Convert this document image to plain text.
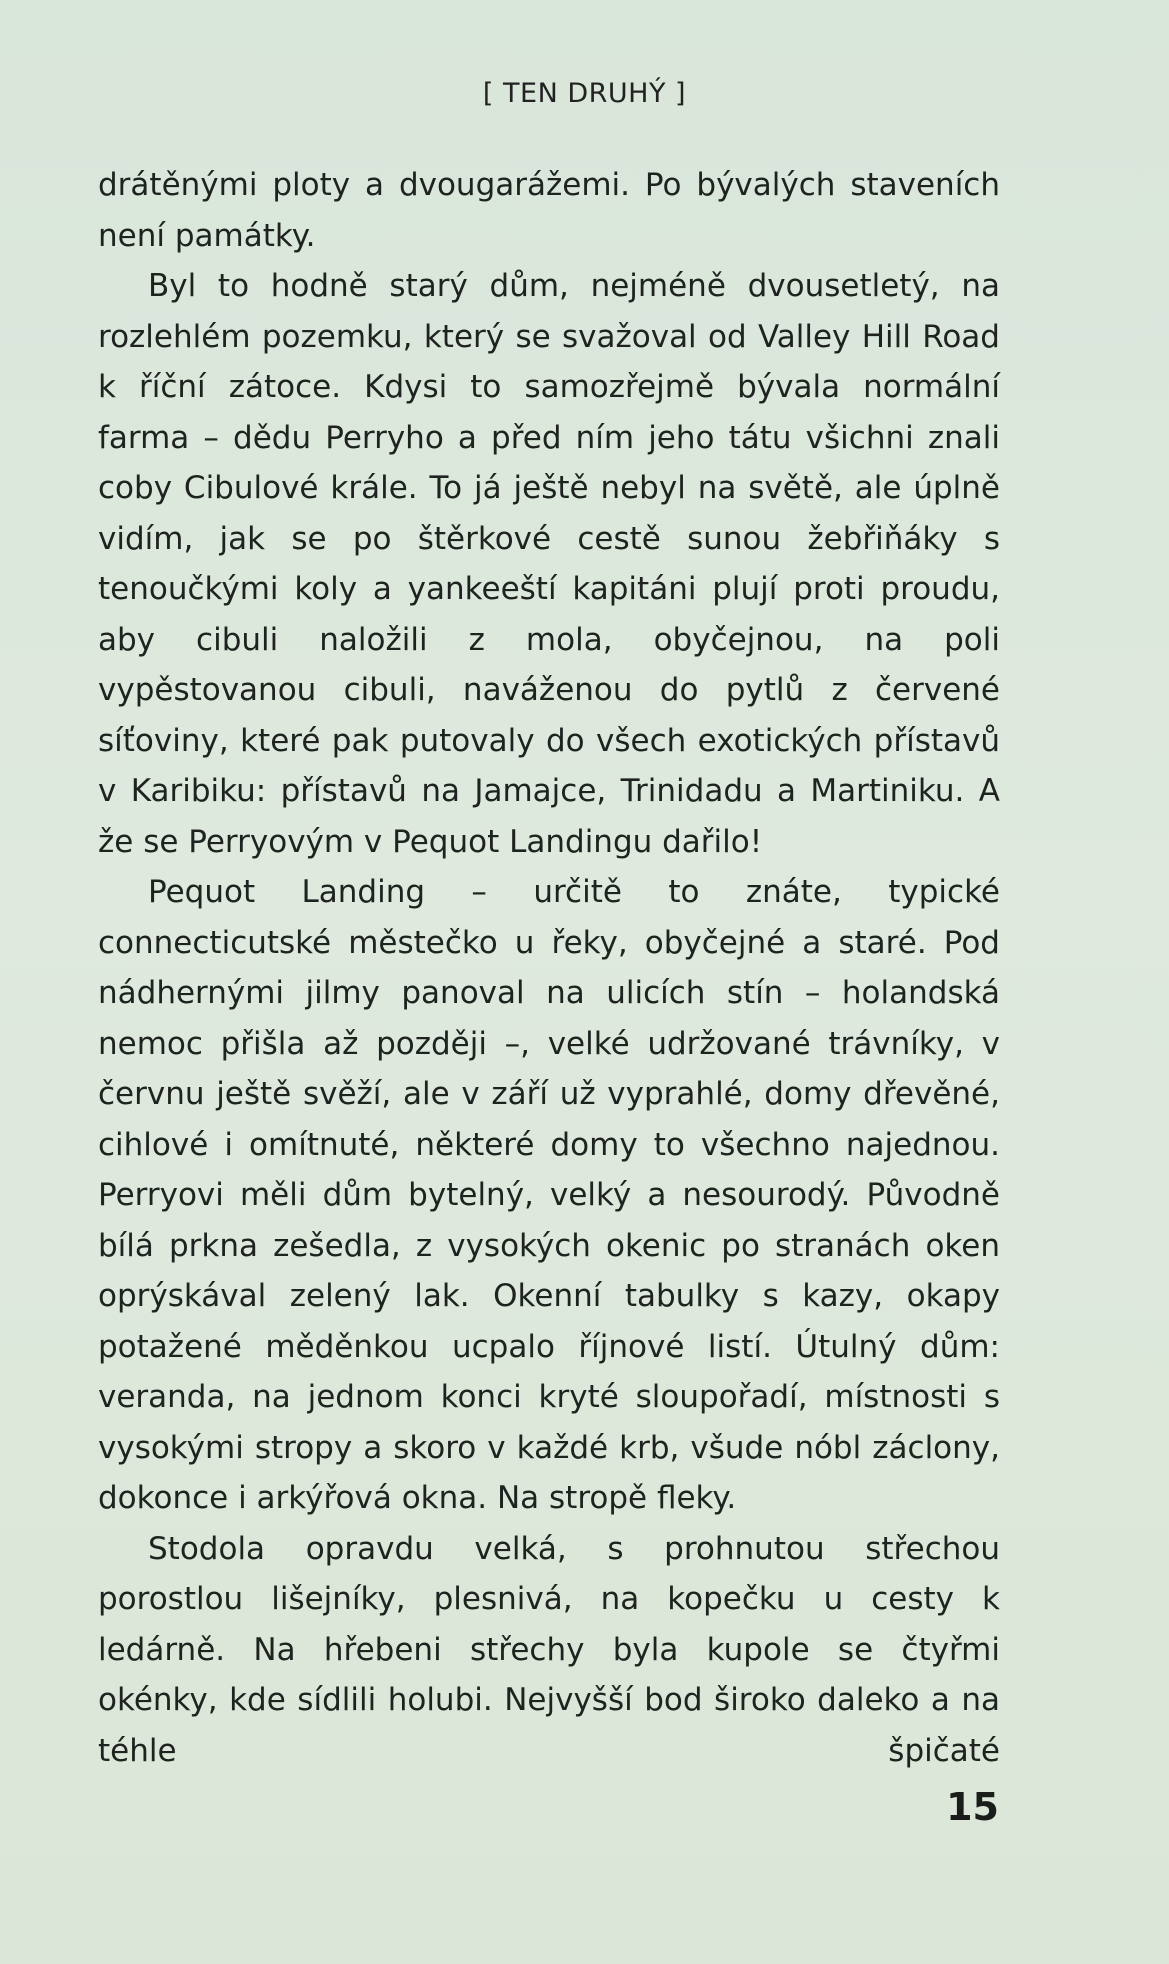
[ TEN DRUHÝ ]

drátěnými ploty a dvougarážemi. Po bývalých staveních není památky.

Byl to hodně starý dům, nejméně dvousetletý, na rozlehlém pozemku, který se svažoval od Valley Hill Road k říční zátoce. Kdysi to samozřejmě bývala normální farma – dědu Perryho a před ním jeho tátu všichni znali coby Cibulové krále. To já ještě nebyl na světě, ale úplně vidím, jak se po štěrkové cestě sunou žebřiňáky s tenoučkými koly a yankeeští kapitáni plují proti proudu, aby cibuli naložili z mola, obyčejnou, na poli vypěstovanou cibuli, naváženou do pytlů z červené síťoviny, které pak putovaly do všech exotických přístavů v Karibiku: přístavů na Jamajce, Trinidadu a Martiniku. A že se Perryovým v Pequot Landingu dařilo!

Pequot Landing – určitě to znáte, typické connecticutské městečko u řeky, obyčejné a staré. Pod nádhernými jilmy panoval na ulicích stín – holandská nemoc přišla až později –, velké udržované trávníky, v červnu ještě svěží, ale v září už vyprahlé, domy dřevěné, cihlové i omítnuté, některé domy to všechno najednou. Perryovi měli dům bytelný, velký a nesourodý. Původně bílá prkna zešedla, z vysokých okenic po stranách oken oprýskával zelený lak. Okenní tabulky s kazy, okapy potažené měděnkou ucpalo říjnové listí. Útulný dům: veranda, na jednom konci kryté sloupořadí, místnosti s vysokými stropy a skoro v každé krb, všude nóbl záclony, dokonce i arkýřová okna. Na stropě fleky.

Stodola opravdu velká, s prohnutou střechou porostlou lišejníky, plesnivá, na kopečku u cesty k ledárně. Na hřebeni střechy byla kupole se čtyřmi okénky, kde sídlili holubi. Nejvyšší bod široko daleko a na téhle špičaté

15
